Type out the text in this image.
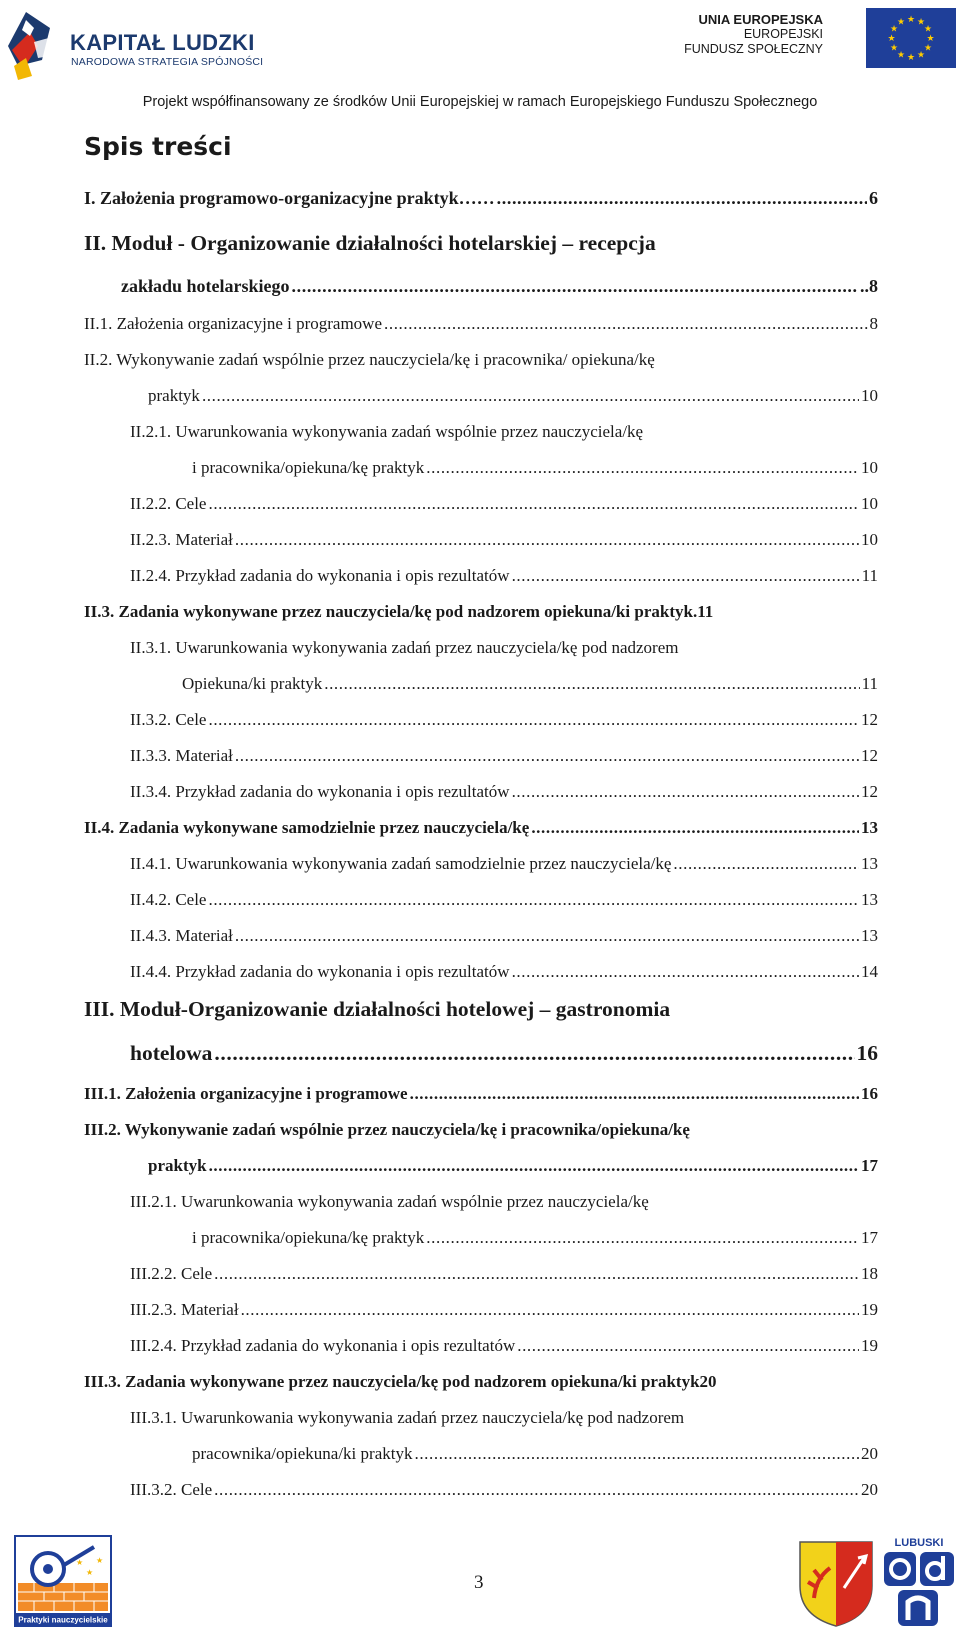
KAPITAŁ LUDZKI
NARODOWA STRATEGIA SPÓJNOŚCI
UNIA EUROPEJSKA
EUROPEJSKI
FUNDUSZ SPOŁECZNY
★ ★
★
★
★
★
★
★
★
★
★
★
Projekt współfinansowany ze środków Unii Europejskiej w ramach Europejskiego Funduszu Społecznego
Spis treści
I. Założenia programowo-organizacyjne praktyk…… .....	6
II. Moduł - Organizowanie działalności hotelarskiej – recepcja
zakładu hotelarskiego .....	..8
II.1. Założenia organizacyjne i programowe .....	8
II.2. Wykonywanie zadań wspólnie przez nauczyciela/kę i pracownika/ opiekuna/kę
praktyk .....	10
II.2.1. Uwarunkowania wykonywania zadań wspólnie przez nauczyciela/kę
i pracownika/opiekuna/kę praktyk .....	10
II.2.2. Cele .....	10
II.2.3. Materiał .....	10
II.2.4. Przykład zadania do wykonania i opis rezultatów .....	11
II.3. Zadania wykonywane przez nauczyciela/kę pod nadzorem opiekuna/ki praktyk .11
II.3.1. Uwarunkowania wykonywania zadań przez nauczyciela/kę pod nadzorem
Opiekuna/ki praktyk .....	11
II.3.2. Cele .....	12
II.3.3. Materiał .....	12
II.3.4. Przykład zadania do wykonania i opis rezultatów .....	12
II.4. Zadania wykonywane samodzielnie przez nauczyciela/kę .....	13
II.4.1. Uwarunkowania wykonywania zadań samodzielnie przez nauczyciela/kę .....	13
II.4.2. Cele .....	13
II.4.3. Materiał .....	13
II.4.4. Przykład zadania do wykonania i opis rezultatów .....	14
III. Moduł-Organizowanie działalności hotelowej – gastronomia
hotelowa .....	16
III.1. Założenia organizacyjne i programowe .....	16
III.2. Wykonywanie zadań wspólnie przez nauczyciela/kę i pracownika/opiekuna/kę
praktyk .....	17
III.2.1. Uwarunkowania wykonywania zadań wspólnie przez nauczyciela/kę
i pracownika/opiekuna/kę praktyk .....	17
III.2.2. Cele .....	18
III.2.3. Materiał .....	19
III.2.4. Przykład zadania do wykonania i opis rezultatów .....	19
III.3. Zadania wykonywane przez nauczyciela/kę pod nadzorem opiekuna/ki praktyk 20
III.3.1. Uwarunkowania wykonywania zadań przez nauczyciela/kę pod nadzorem
pracownika/opiekuna/ki praktyk .....	20
III.3.2. Cele .....	20
★
★
★
Praktyki nauczycielskie
3
LUBUSKI
